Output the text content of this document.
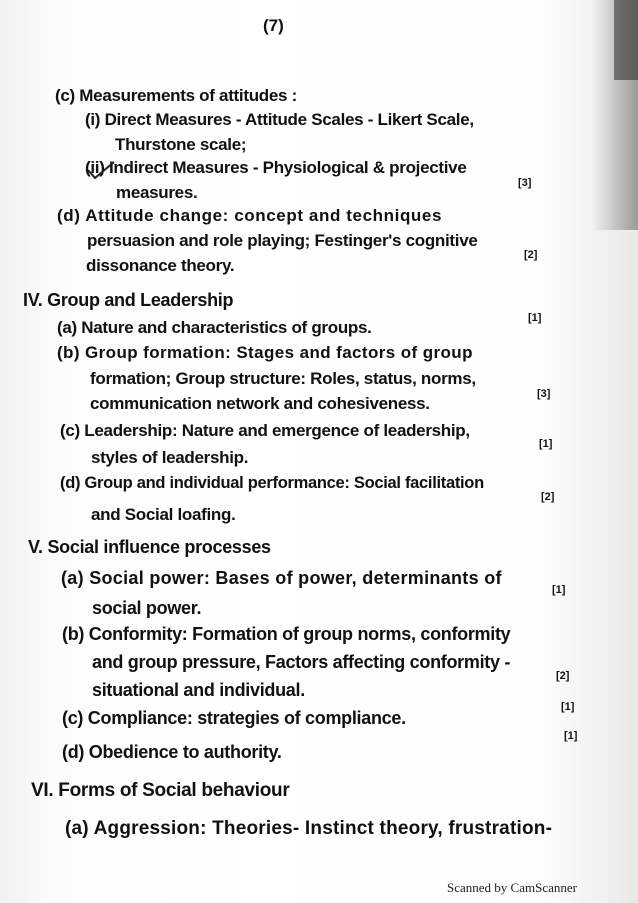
(7)
(c) Measurements of attitudes :
(i) Direct Measures - Attitude Scales - Likert Scale,
Thurstone scale;
(ii) Indirect Measures - Physiological & projective
measures.	[3]
(d) Attitude change: concept and techniques
persuasion and role playing; Festinger's cognitive
dissonance theory.
[2]
IV. Group and Leadership
(a) Nature and characteristics of groups.	[1]
(b) Group formation: Stages and factors of group
formation; Group structure: Roles, status, norms,
communication network and cohesiveness.	[3]
(c) Leadership: Nature and emergence of leadership,
styles of leadership.
[1]
(d) Group and individual performance: Social facilitation
and Social loafing.
[2]
V. Social influence processes
(a) Social power: Bases of power, determinants of
social power.
[1]
(b) Conformity: Formation of group norms, conformity
and group pressure, Factors affecting conformity -
situational and individual.
[2]
(c) Compliance: strategies of compliance.
[1]
(d) Obedience to authority.
[1]
VI. Forms of Social behaviour
(a) Aggression: Theories- Instinct theory, frustration-
Scanned by CamScanner
